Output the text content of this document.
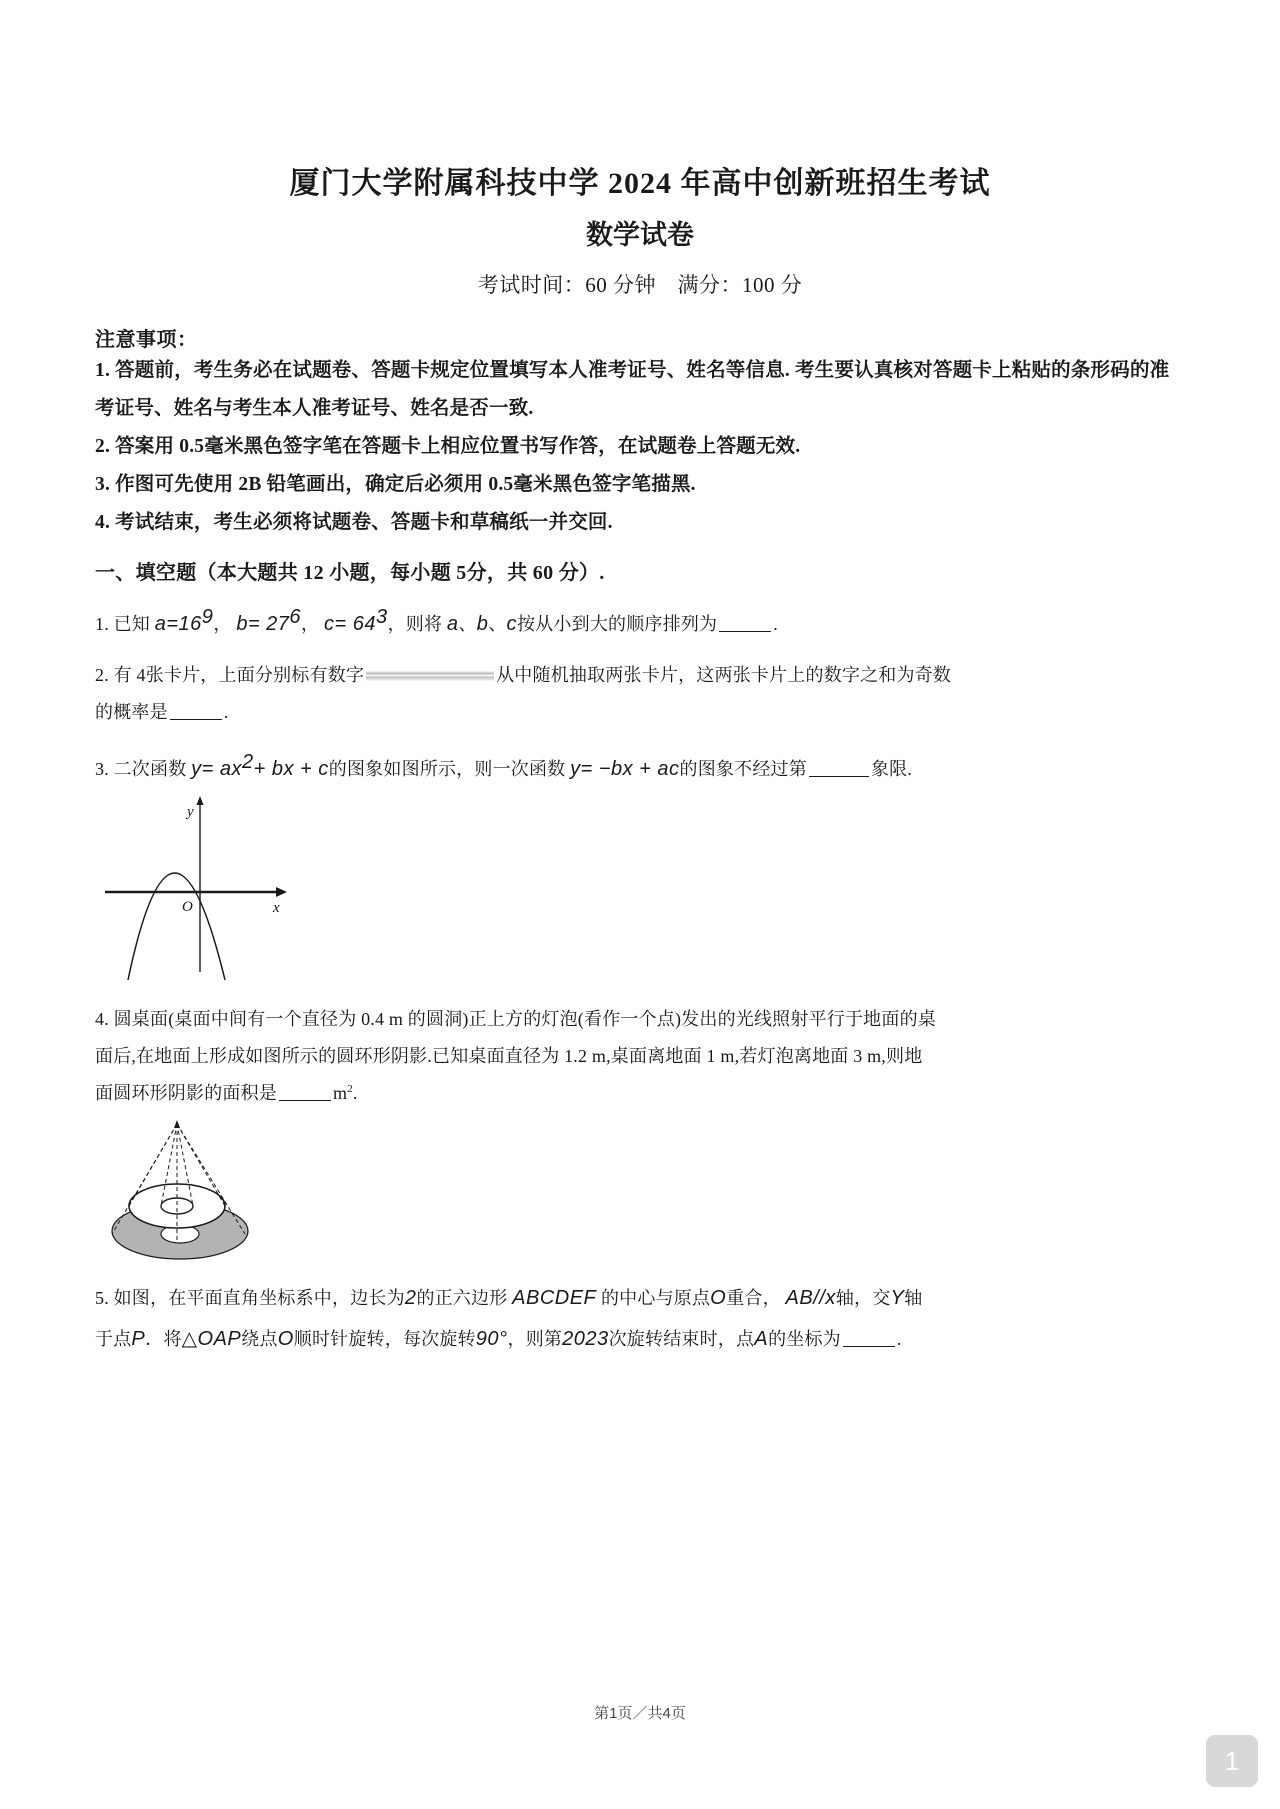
厦门大学附属科技中学 2024 年高中创新班招生考试
数学试卷
考试时间：60 分钟　满分：100 分
注意事项：

1. 答题前，考生务必在试题卷、答题卡规定位置填写本人准考证号、姓名等信息. 考生要认真核对答题卡上粘贴的条形码的准考证号、姓名与考生本人准考证号、姓名是否一致.

2. 答案用 0.5毫米黑色签字笔在答题卡上相应位置书写作答，在试题卷上答题无效.

3. 作图可先使用 2B 铅笔画出，确定后必须用 0.5毫米黑色签字笔描黑.

4. 考试结束，考生必须将试题卷、答题卡和草稿纸一并交回.

一、填空题（本大题共 12 小题，每小题 5分，共 60 分）.

1. 已知 $a=16^9$， $b= 27^6$， $c= 64^3$，则将 a、b、c按从小到大的顺序排列为	.

2. 有 4张卡片，上面分别标有数字	从中随机抽取两张卡片，这两张卡片上的数字之和为奇数
的概率是	.

3. 二次函数 $y= ax^2+$ bx + c的图象如图所示，则一次函数 y= −bx + ac的图象不经过第	象限.

y
x
O

4. 圆桌面(桌面中间有一个直径为 0.4 m 的圆洞)正上方的灯泡(看作一个点)发出的光线照射平行于地面的桌
面后,在地面上形成如图所示的圆环形阴影.已知桌面直径为 1.2 m,桌面离地面 1 m,若灯泡离地面 3 m,则地
面圆环形阴影的面积是	$m^2$.

5. 如图，在平面直角坐标系中，边长为2的正六边形 ABCDEF 的中心与原点O重合， AB//x轴，交Y轴
于点P．将△OAP绕点O顺时针旋转，每次旋转90°，则第2023次旋转结束时，点A的坐标为	.

第1页／共4页
1
